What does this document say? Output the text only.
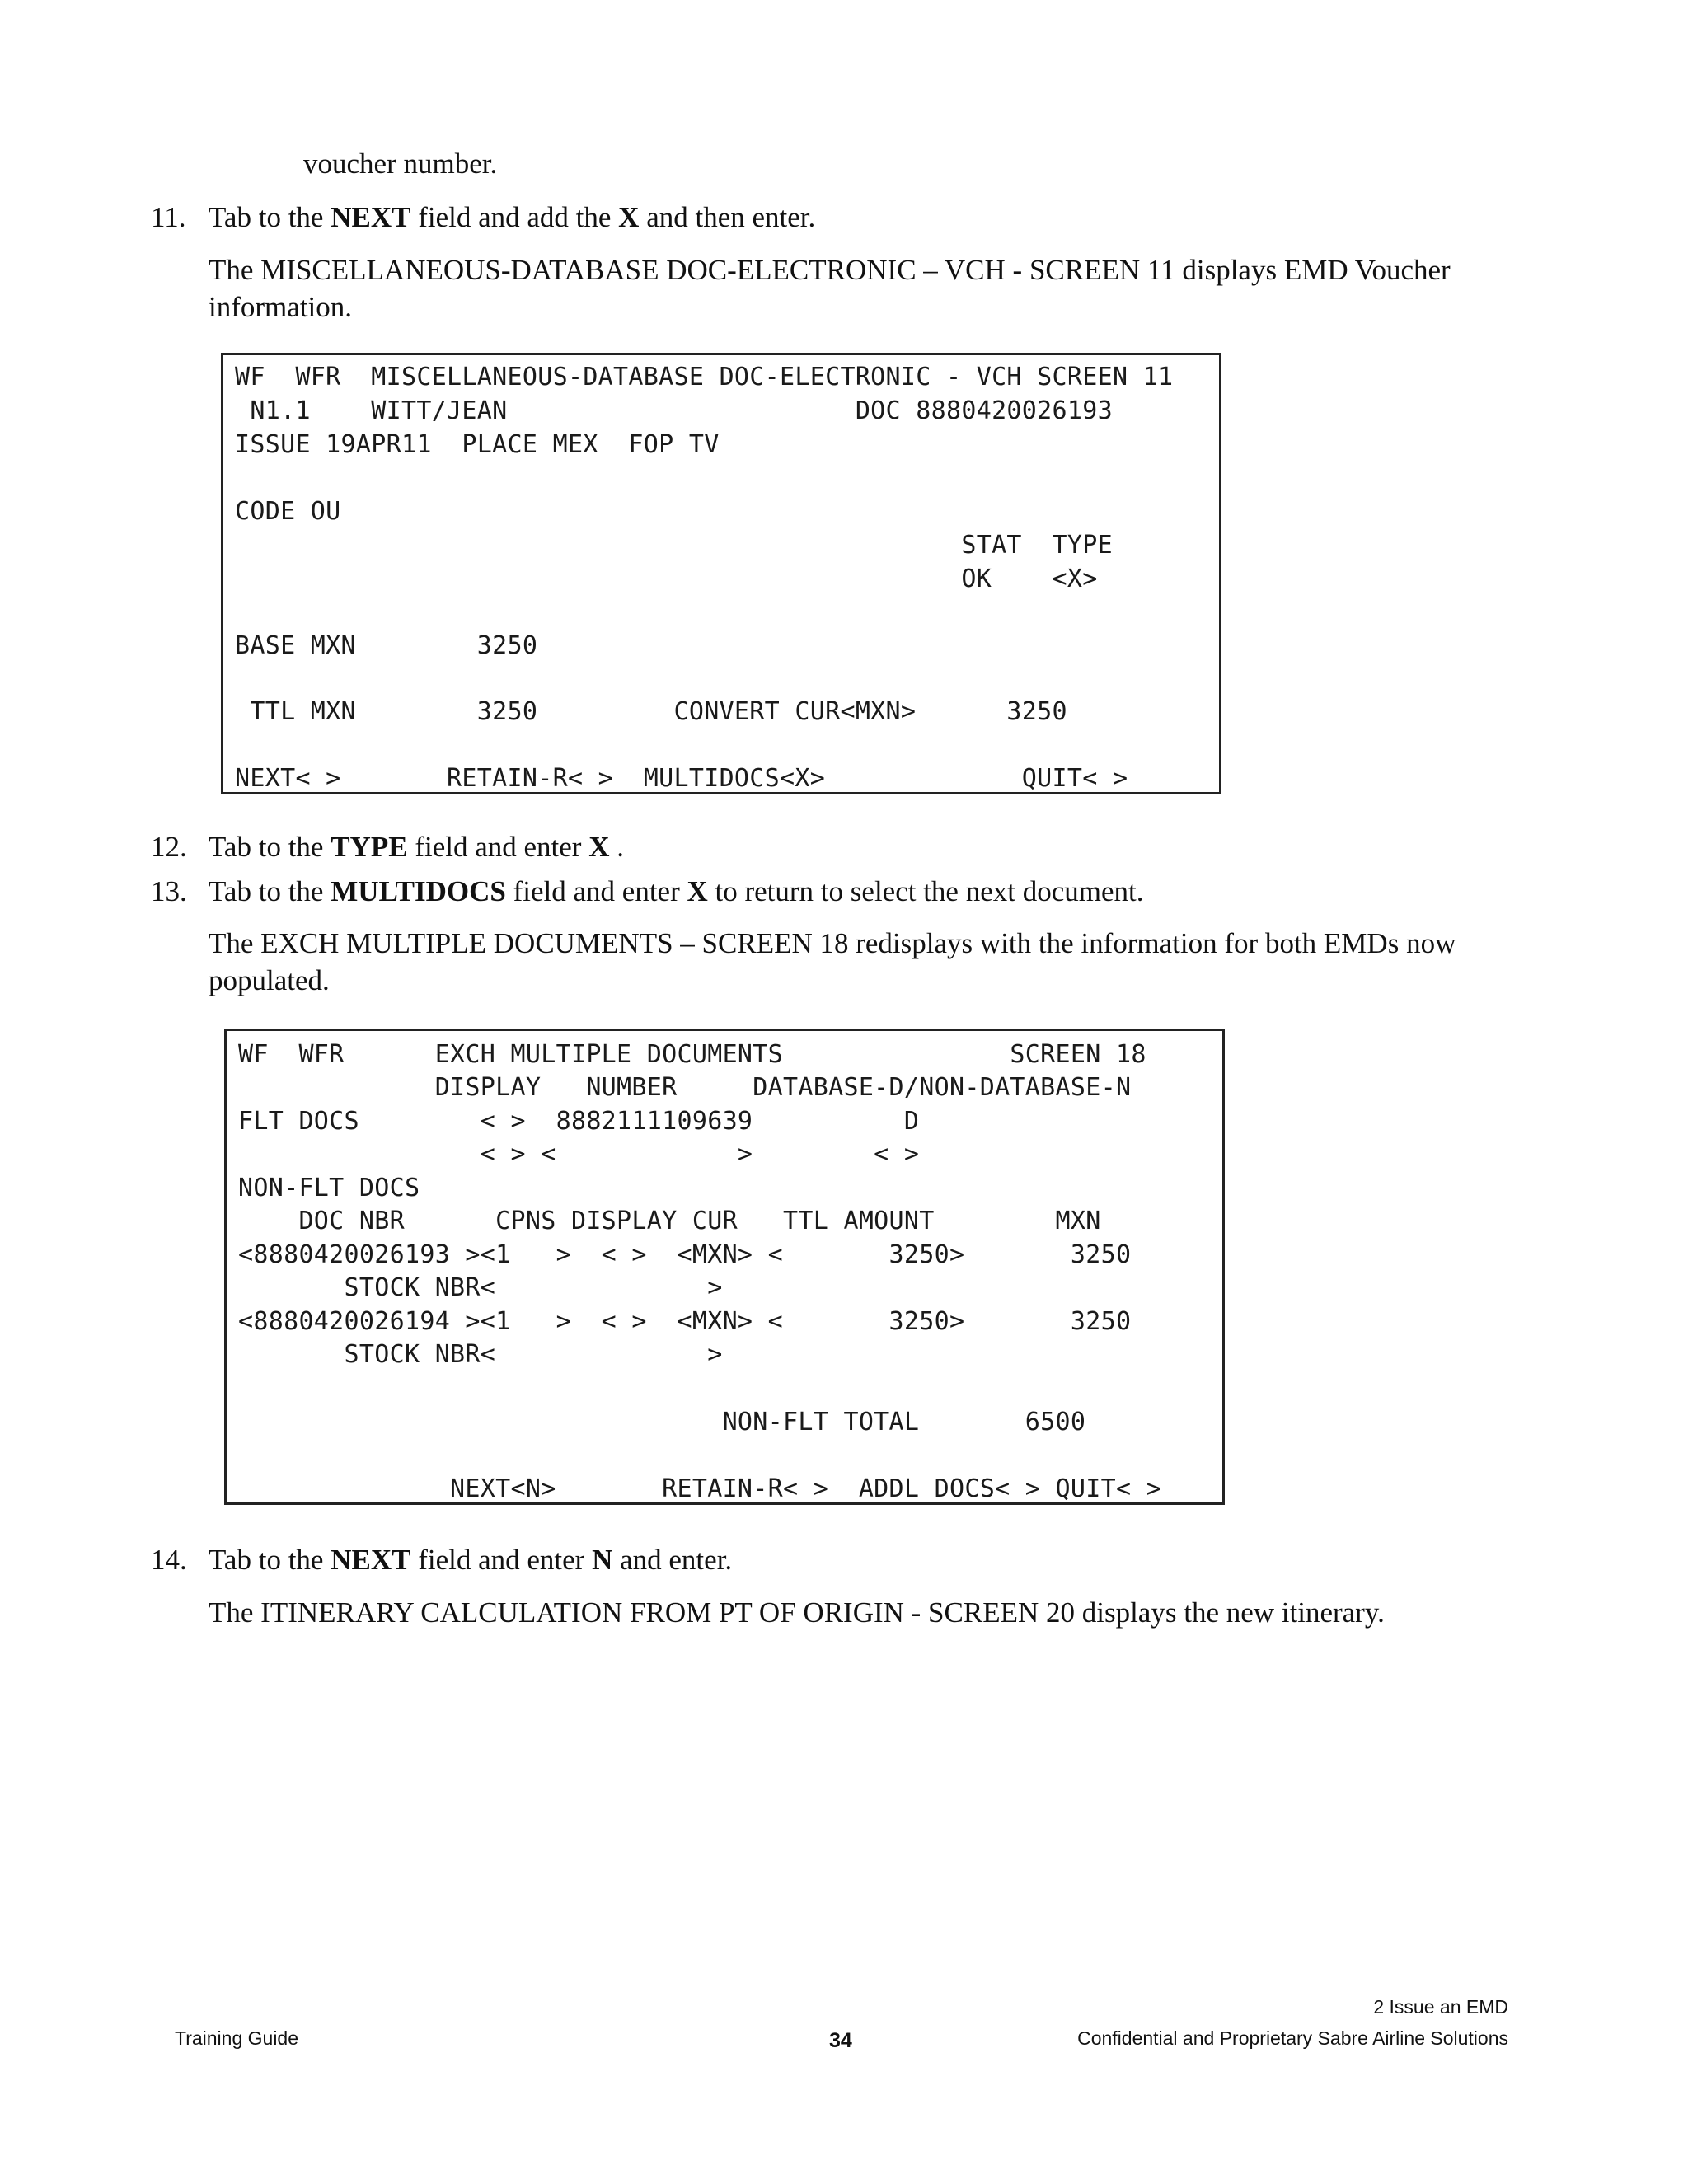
voucher number.
11. Tab to the NEXT field and add the X and then enter.
The MISCELLANEOUS-DATABASE DOC-ELECTRONIC – VCH - SCREEN 11 displays EMD Voucher information.
WF  WFR  MISCELLANEOUS-DATABASE DOC-ELECTRONIC - VCH SCREEN 11
N1.1    WITT/JEAN                       DOC 8880420026193
ISSUE 19APR11  PLACE MEX  FOP TV
CODE OU
STAT  TYPE
OK    <X>
BASE MXN        3250
TTL MXN        3250         CONVERT CUR<MXN>      3250
NEXT< >       RETAIN-R< >  MULTIDOCS<X>             QUIT< >
12. Tab to the TYPE field and enter X .
13. Tab to the MULTIDOCS field and enter X to return to select the next document.
The EXCH MULTIPLE DOCUMENTS – SCREEN 18 redisplays with the information for both EMDs now populated.
WF  WFR      EXCH MULTIPLE DOCUMENTS               SCREEN 18
DISPLAY   NUMBER     DATABASE-D/NON-DATABASE-N
FLT DOCS        < >  8882111109639          D
< > <            >        < >
NON-FLT DOCS
DOC NBR      CPNS DISPLAY CUR   TTL AMOUNT        MXN
<8880420026193 ><1   >  < >  <MXN> <       3250>       3250
STOCK NBR<              >
<8880420026194 ><1   >  < >  <MXN> <       3250>       3250
STOCK NBR<              >
NON-FLT TOTAL       6500
NEXT<N>       RETAIN-R< >  ADDL DOCS< > QUIT< >
14. Tab to the NEXT field and enter N and enter.
The ITINERARY CALCULATION FROM PT OF ORIGIN - SCREEN 20 displays the new itinerary.
2 Issue an EMD
Training Guide	34	Confidential and Proprietary Sabre Airline Solutions
